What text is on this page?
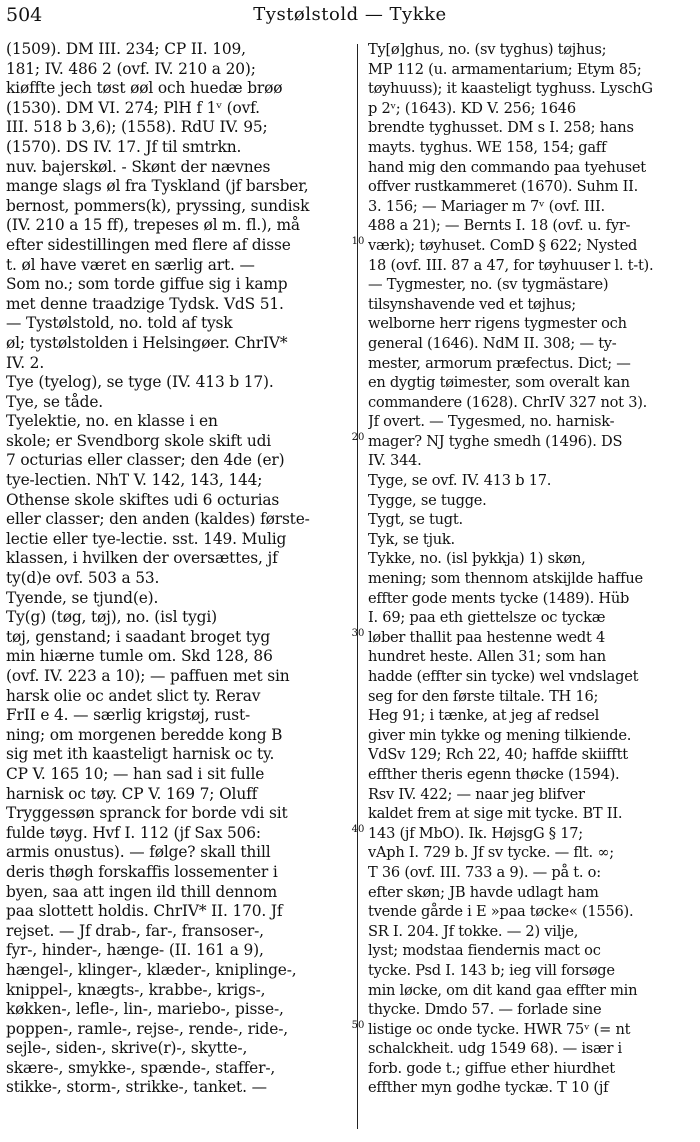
504	Tystølstold — Tykke
10
20
30
40
50
(1509). DM III. 234; CP II. 109,
181; IV. 486 2 (ovf. IV. 210 a 20);
kiøffte jech tøst øøl och huedæ brøø
(1530). DM VI. 274; PlH f 1ᵛ (ovf.
III. 518 b 3,6); (1558). RdU IV. 95;
(1570). DS IV. 17. Jf til smtrkn.
nuv. bajerskøl. - Skønt der nævnes
mange slags øl fra Tyskland (jf barsber,
bernost, pommers(k), pryssing, sundisk
(IV. 210 a 15 ff), trepeses øl m. fl.), må
efter sidestillingen med flere af disse
t. øl have været en særlig art. —
Som no.; som torde giffue sig i kamp
met denne traadzige Tydsk. VdS 51.
— Tystølstold, no. told af tysk
øl; tystølstolden i Helsingøer. ChrIV*
IV. 2.
Tye (tyelog), se tyge (IV. 413 b 17).
Tye, se tåde.
Tyelektie, no. en klasse i en
skole; er Svendborg skole skift udi
7 octurias eller classer; den 4de (er)
tye-lectien. NhT V. 142, 143, 144;
Othense skole skiftes udi 6 octurias
eller classer; den anden (kaldes) første-
lectie eller tye-lectie. sst. 149. Mulig
klassen, i hvilken der oversættes, jf
ty(d)e ovf. 503 a 53.
Tyende, se tjund(e).
Ty(g) (tøg, tøj), no. (isl tygi)
tøj, genstand; i saadant broget tyg
min hiærne tumle om. Skd 128, 86
(ovf. IV. 223 a 10); — paffuen met sin
harsk olie oc andet slict ty. Rerav
FrII e 4. — særlig krigstøj, rust-
ning; om morgenen beredde kong B
sig met ith kaasteligt harnisk oc ty.
CP V. 165 10; — han sad i sit fulle
harnisk oc tøy. CP V. 169 7; Oluff
Tryggessøn spranck for borde vdi sit
fulde tøyg. Hvf I. 112 (jf Sax 506:
armis onustus). — følge? skall thill
deris thøgh forskaffis lossementer i
byen, saa att ingen ild thill dennom
paa slottett holdis. ChrIV* II. 170. Jf
rejset. — Jf drab-, far-, fransoser-,
fyr-, hinder-, hænge- (II. 161 a 9),
hængel-, klinger-, klæder-, kniplinge-,
knippel-, knægts-, krabbe-, krigs-,
køkken-, lefle-, lin-, mariebo-, pisse-,
poppen-, ramle-, rejse-, rende-, ride-,
sejle-, siden-, skrive(r)-, skytte-,
skære-, smykke-, spænde-, staffer-,
stikke-, storm-, strikke-, tanket. —
Ty[ø]ghus, no. (sv tyghus) tøjhus;
MP 112 (u. armamentarium; Etym 85;
tøyhuuss); it kaasteligt tyghuss. LyschG
p 2ᵛ; (1643). KD V. 256; 1646
brendte tyghusset. DM s I. 258; hans
mayts. tyghus. WE 158, 154; gaff
hand mig den commando paa tyehuset
offver rustkammeret (1670). Suhm II.
3. 156; — Mariager m 7ᵛ (ovf. III.
488 a 21); — Bernts I. 18 (ovf. u. fyr-
værk); tøyhuset. ComD § 622; Nysted
18 (ovf. III. 87 a 47, for tøyhuuser l. t-t).
— Tygmester, no. (sv tygmästare)
tilsynshavende ved et tøjhus;
welborne herr rigens tygmester och
general (1646). NdM II. 308; — ty-
mester, armorum præfectus. Dict; —
en dygtig tøimester, som overalt kan
commandere (1628). ChrIV 327 not 3).
Jf overt. — Tygesmed, no. harnisk-
mager? NJ tyghe smedh (1496). DS
IV. 344.
Tyge, se ovf. IV. 413 b 17.
Tygge, se tugge.
Tygt, se tugt.
Tyk, se tjuk.
Tykke, no. (isl þykkja) 1) skøn,
mening; som thennom atskijlde haffue
effter gode ments tycke (1489). Hüb
I. 69; paa eth giettelsze oc tyckæ
løber thallit paa hestenne wedt 4
hundret heste. Allen 31; som han
hadde (effter sin tycke) wel vndslaget
seg for den første tiltale. TH 16;
Heg 91; i tænke, at jeg af redsel
giver min tykke og mening tilkiende.
VdSv 129; Rch 22, 40; haffde skiifftt
effther theris egenn thøcke (1594).
Rsv IV. 422; — naar jeg blifver
kaldet frem at sige mit tycke. BT II.
143 (jf MbO). Ik. HøjsgG § 17;
vAph I. 729 b. Jf sv tycke. — flt. ∞;
T 36 (ovf. III. 733 a 9). — på t. o:
efter skøn; JB havde udlagt ham
tvende gårde i E »paa tøcke« (1556).
SR I. 204. Jf tokke. — 2) vilje,
lyst; modstaa fiendernis mact oc
tycke. Psd I. 143 b; ieg vill forsøge
min løcke, om dit kand gaa effter min
thycke. Dmdo 57. — forlade sine
listige oc onde tycke. HWR 75ᵛ (= nt
schalckheit. udg 1549 68). — især i
forb. gode t.; giffue ether hiurdhet
effther myn godhe tyckæ. T 10 (jf
